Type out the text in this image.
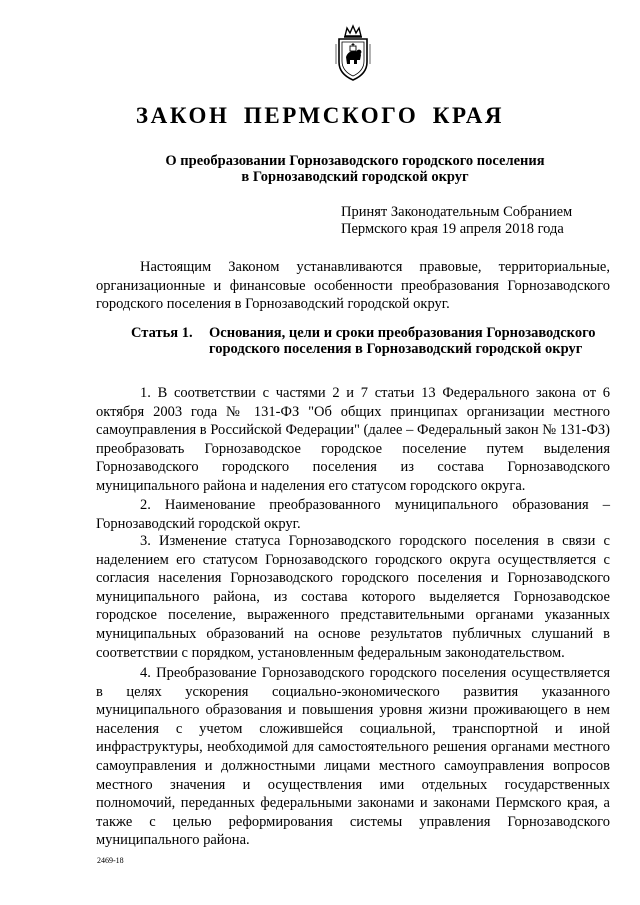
ЗАКОН ПЕРМСКОГО КРАЯ
О преобразовании Горнозаводского городского поселения
в Горнозаводский городской округ
Принят Законодательным Собранием
Пермского края 19 апреля 2018 года

Настоящим Законом устанавливаются правовые, территориальные, организационные и финансовые особенности преобразования Горнозаводского городского поселения в Горнозаводский городской округ.

Статья 1. Основания, цели и сроки преобразования Горнозаводского городского поселения в Горнозаводский городской округ

1. В соответствии с частями 2 и 7 статьи 13 Федерального закона от 6 октября 2003 года № 131-ФЗ "Об общих принципах организации местного самоуправления в Российской Федерации" (далее – Федеральный закон № 131-ФЗ) преобразовать Горнозаводское городское поселение путем выделения Горнозаводского городского поселения из состава Горнозаводского муниципального района и наделения его статусом городского округа.

2. Наименование преобразованного муниципального образования – Горнозаводский городской округ.

3. Изменение статуса Горнозаводского городского поселения в связи с наделением его статусом Горнозаводского городского округа осуществляется с согласия населения Горнозаводского городского поселения и Горнозаводского муниципального района, из состава которого выделяется Горнозаводское городское поселение, выраженного представительными органами указанных муниципальных образований на основе результатов публичных слушаний в соответствии с порядком, установленным федеральным законодательством.

4. Преобразование Горнозаводского городского поселения осуществляется в целях ускорения социально-экономического развития указанного муниципального образования и повышения уровня жизни проживающего в нем населения с учетом сложившейся социальной, транспортной и иной инфраструктуры, необходимой для самостоятельного решения органами местного самоуправления и должностными лицами местного самоуправления вопросов местного значения и осуществления ими отдельных государственных полномочий, переданных федеральными законами и законами Пермского края, а также с целью реформирования системы управления Горнозаводского муниципального района.

2469-18
